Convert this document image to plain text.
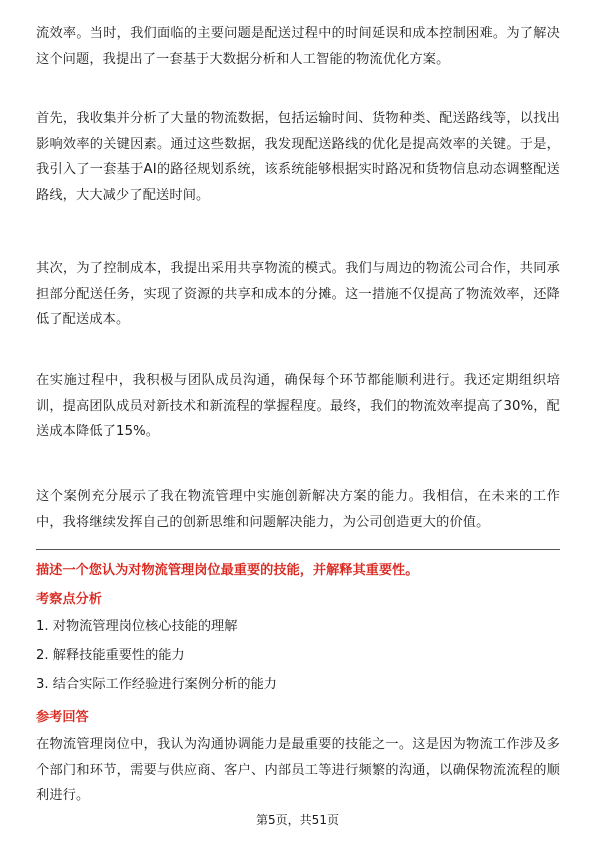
流效率。当时，我们面临的主要问题是配送过程中的时间延误和成本控制困难。为了解决这个问题，我提出了一套基于大数据分析和人工智能的物流优化方案。
首先，我收集并分析了大量的物流数据，包括运输时间、货物种类、配送路线等，以找出影响效率的关键因素。通过这些数据，我发现配送路线的优化是提高效率的关键。于是，我引入了一套基于AI的路径规划系统，该系统能够根据实时路况和货物信息动态调整配送路线，大大减少了配送时间。
其次，为了控制成本，我提出采用共享物流的模式。我们与周边的物流公司合作，共同承担部分配送任务，实现了资源的共享和成本的分摊。这一措施不仅提高了物流效率，还降低了配送成本。
在实施过程中，我积极与团队成员沟通，确保每个环节都能顺利进行。我还定期组织培训，提高团队成员对新技术和新流程的掌握程度。最终，我们的物流效率提高了30%，配送成本降低了15%。
这个案例充分展示了我在物流管理中实施创新解决方案的能力。我相信，在未来的工作中，我将继续发挥自己的创新思维和问题解决能力，为公司创造更大的价值。
描述一个您认为对物流管理岗位最重要的技能，并解释其重要性。
考察点分析
1. 对物流管理岗位核心技能的理解
2. 解释技能重要性的能力
3. 结合实际工作经验进行案例分析的能力
参考回答
在物流管理岗位中，我认为沟通协调能力是最重要的技能之一。这是因为物流工作涉及多个部门和环节，需要与供应商、客户、内部员工等进行频繁的沟通，以确保物流流程的顺利进行。
第5页，共51页
